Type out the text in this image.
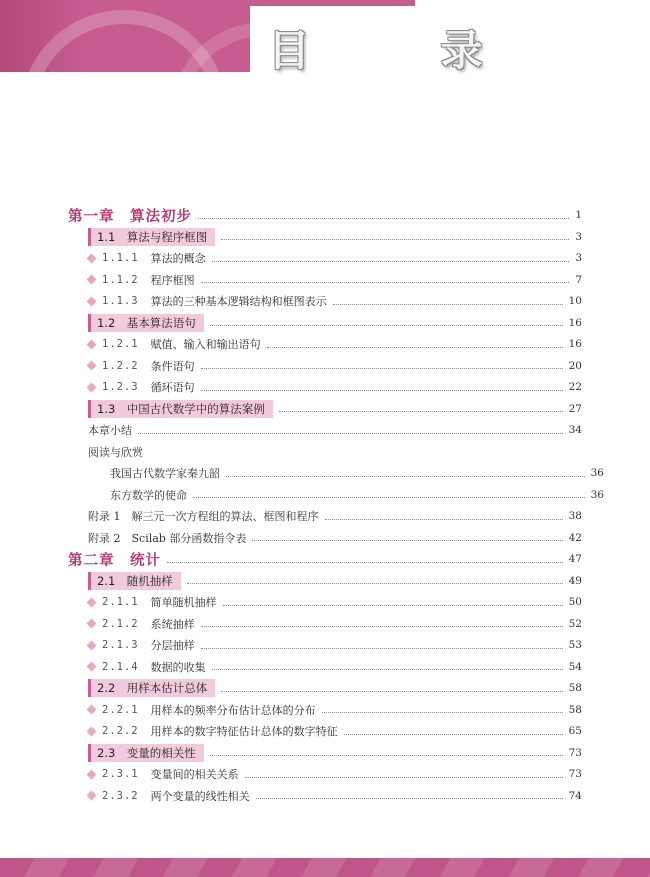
目 录
第一章　算法初步	1
1.1　算法与程序框图	3
1.1.1 算法的概念	3
1.1.2 程序框图	7
1.1.3 算法的三种基本逻辑结构和框图表示	10
1.2　基本算法语句	16
1.2.1 赋值、输入和输出语句	16
1.2.2 条件语句	20
1.2.3 循环语句	22
1.3　中国古代数学中的算法案例	27
本章小结	34
阅读与欣赏
我国古代数学家秦九韶	36
东方数学的使命	36
附录 1　解三元一次方程组的算法、框图和程序	38
附录 2　Scilab 部分函数指令表	42
第二章　统计	47
2.1　随机抽样	49
2.1.1 简单随机抽样	50
2.1.2 系统抽样	52
2.1.3 分层抽样	53
2.1.4 数据的收集	54
2.2　用样本估计总体	58
2.2.1 用样本的频率分布估计总体的分布	58
2.2.2 用样本的数字特征估计总体的数字特征	65
2.3　变量的相关性	73
2.3.1 变量间的相关关系	73
2.3.2 两个变量的线性相关	74
